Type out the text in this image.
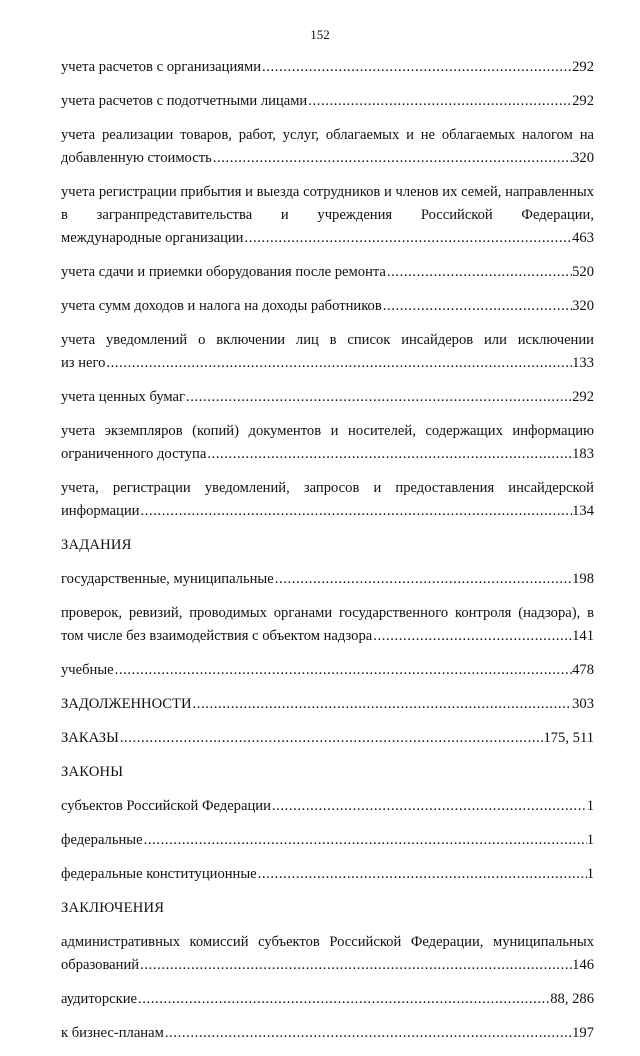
152
учета расчетов с организациями .....	292
учета расчетов с подотчетными лицами .....	292
учета реализации товаров, работ, услуг, облагаемых и не облагаемых налогом на
добавленную стоимость .....	320
учета регистрации прибытия и выезда сотрудников и членов их семей, направленных в загранпредставительства и учреждения Российской Федерации,
международные организации .....	463
учета сдачи и приемки оборудования после ремонта .....	520
учета сумм доходов и налога на доходы работников .....	320
учета уведомлений о включении лиц в список инсайдеров или исключении
из него .....	133
учета ценных бумаг .....	292
учета экземпляров (копий) документов и носителей, содержащих информацию
ограниченного доступа .....	183
учета, регистрации уведомлений, запросов и предоставления инсайдерской
информации .....	134
ЗАДАНИЯ
государственные, муниципальные .....	198
проверок, ревизий, проводимых органами государственного контроля (надзора), в
том числе без взаимодействия с объектом надзора .....	141
учебные .....	478
ЗАДОЛЖЕННОСТИ .....	303
ЗАКАЗЫ .....	175, 511
ЗАКОНЫ
субъектов Российской Федерации .....	1
федеральные .....	1
федеральные конституционные .....	1
ЗАКЛЮЧЕНИЯ
административных комиссий субъектов Российской Федерации, муниципальных
образований .....	146
аудиторские .....	88, 286
к бизнес-планам .....	197
